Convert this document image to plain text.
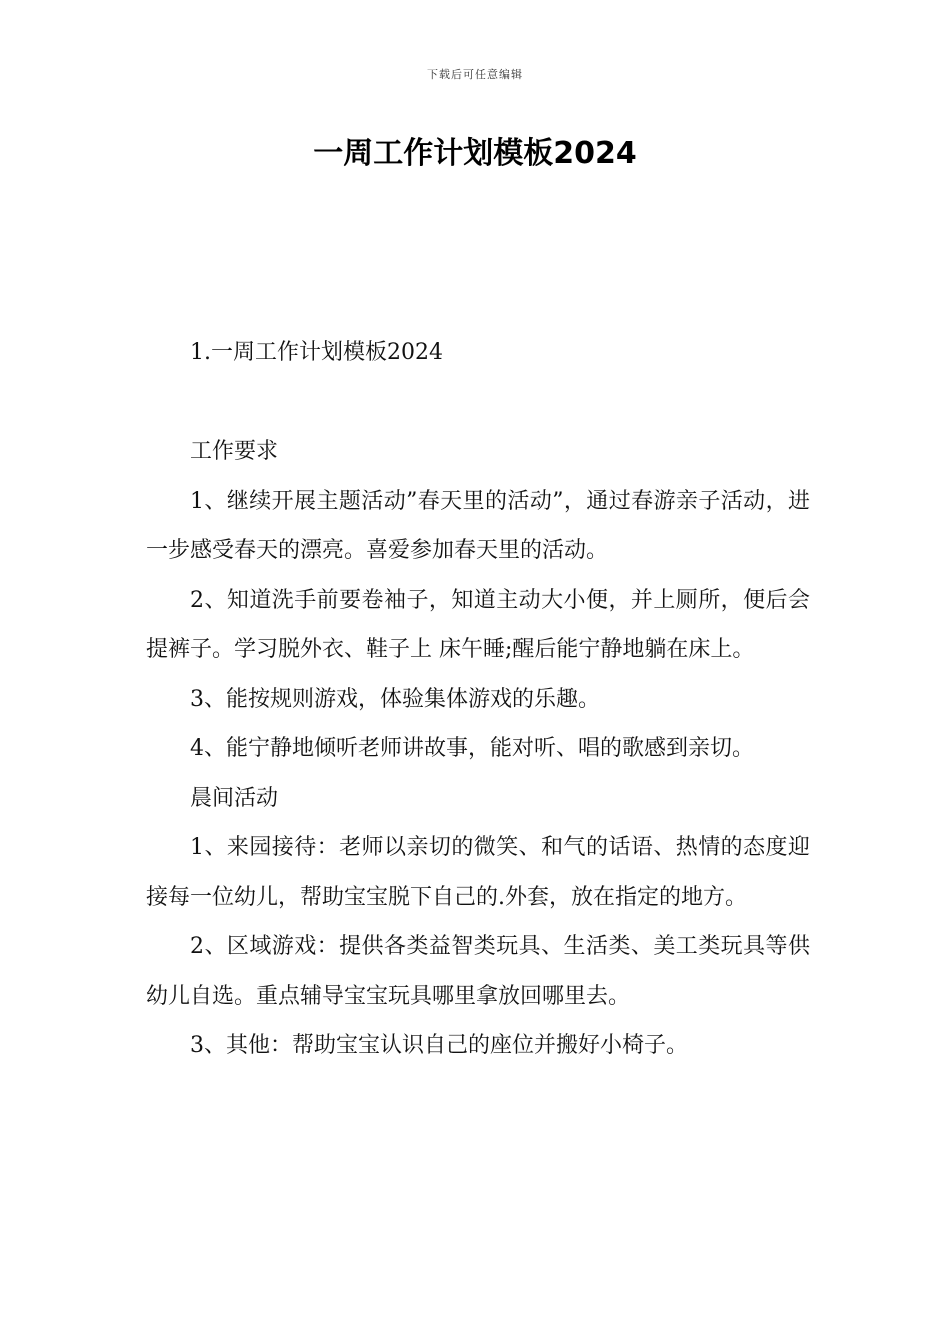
下载后可任意编辑
一周工作计划模板2024

1.一周工作计划模板2024

工作要求

1、继续开展主题活动”春天里的活动”，通过春游亲子活动，进一步感受春天的漂亮。喜爱参加春天里的活动。

2、知道洗手前要卷袖子，知道主动大小便，并上厕所，便后会提裤子。学习脱外衣、鞋子上 床午睡;醒后能宁静地躺在床上。

3、能按规则游戏，体验集体游戏的乐趣。

4、能宁静地倾听老师讲故事，能对听、唱的歌感到亲切。

晨间活动

1、来园接待：老师以亲切的微笑、和气的话语、热情的态度迎接每一位幼儿，帮助宝宝脱下自己的.外套，放在指定的地方。

2、区域游戏：提供各类益智类玩具、生活类、美工类玩具等供幼儿自选。重点辅导宝宝玩具哪里拿放回哪里去。

3、其他：帮助宝宝认识自己的座位并搬好小椅子。
